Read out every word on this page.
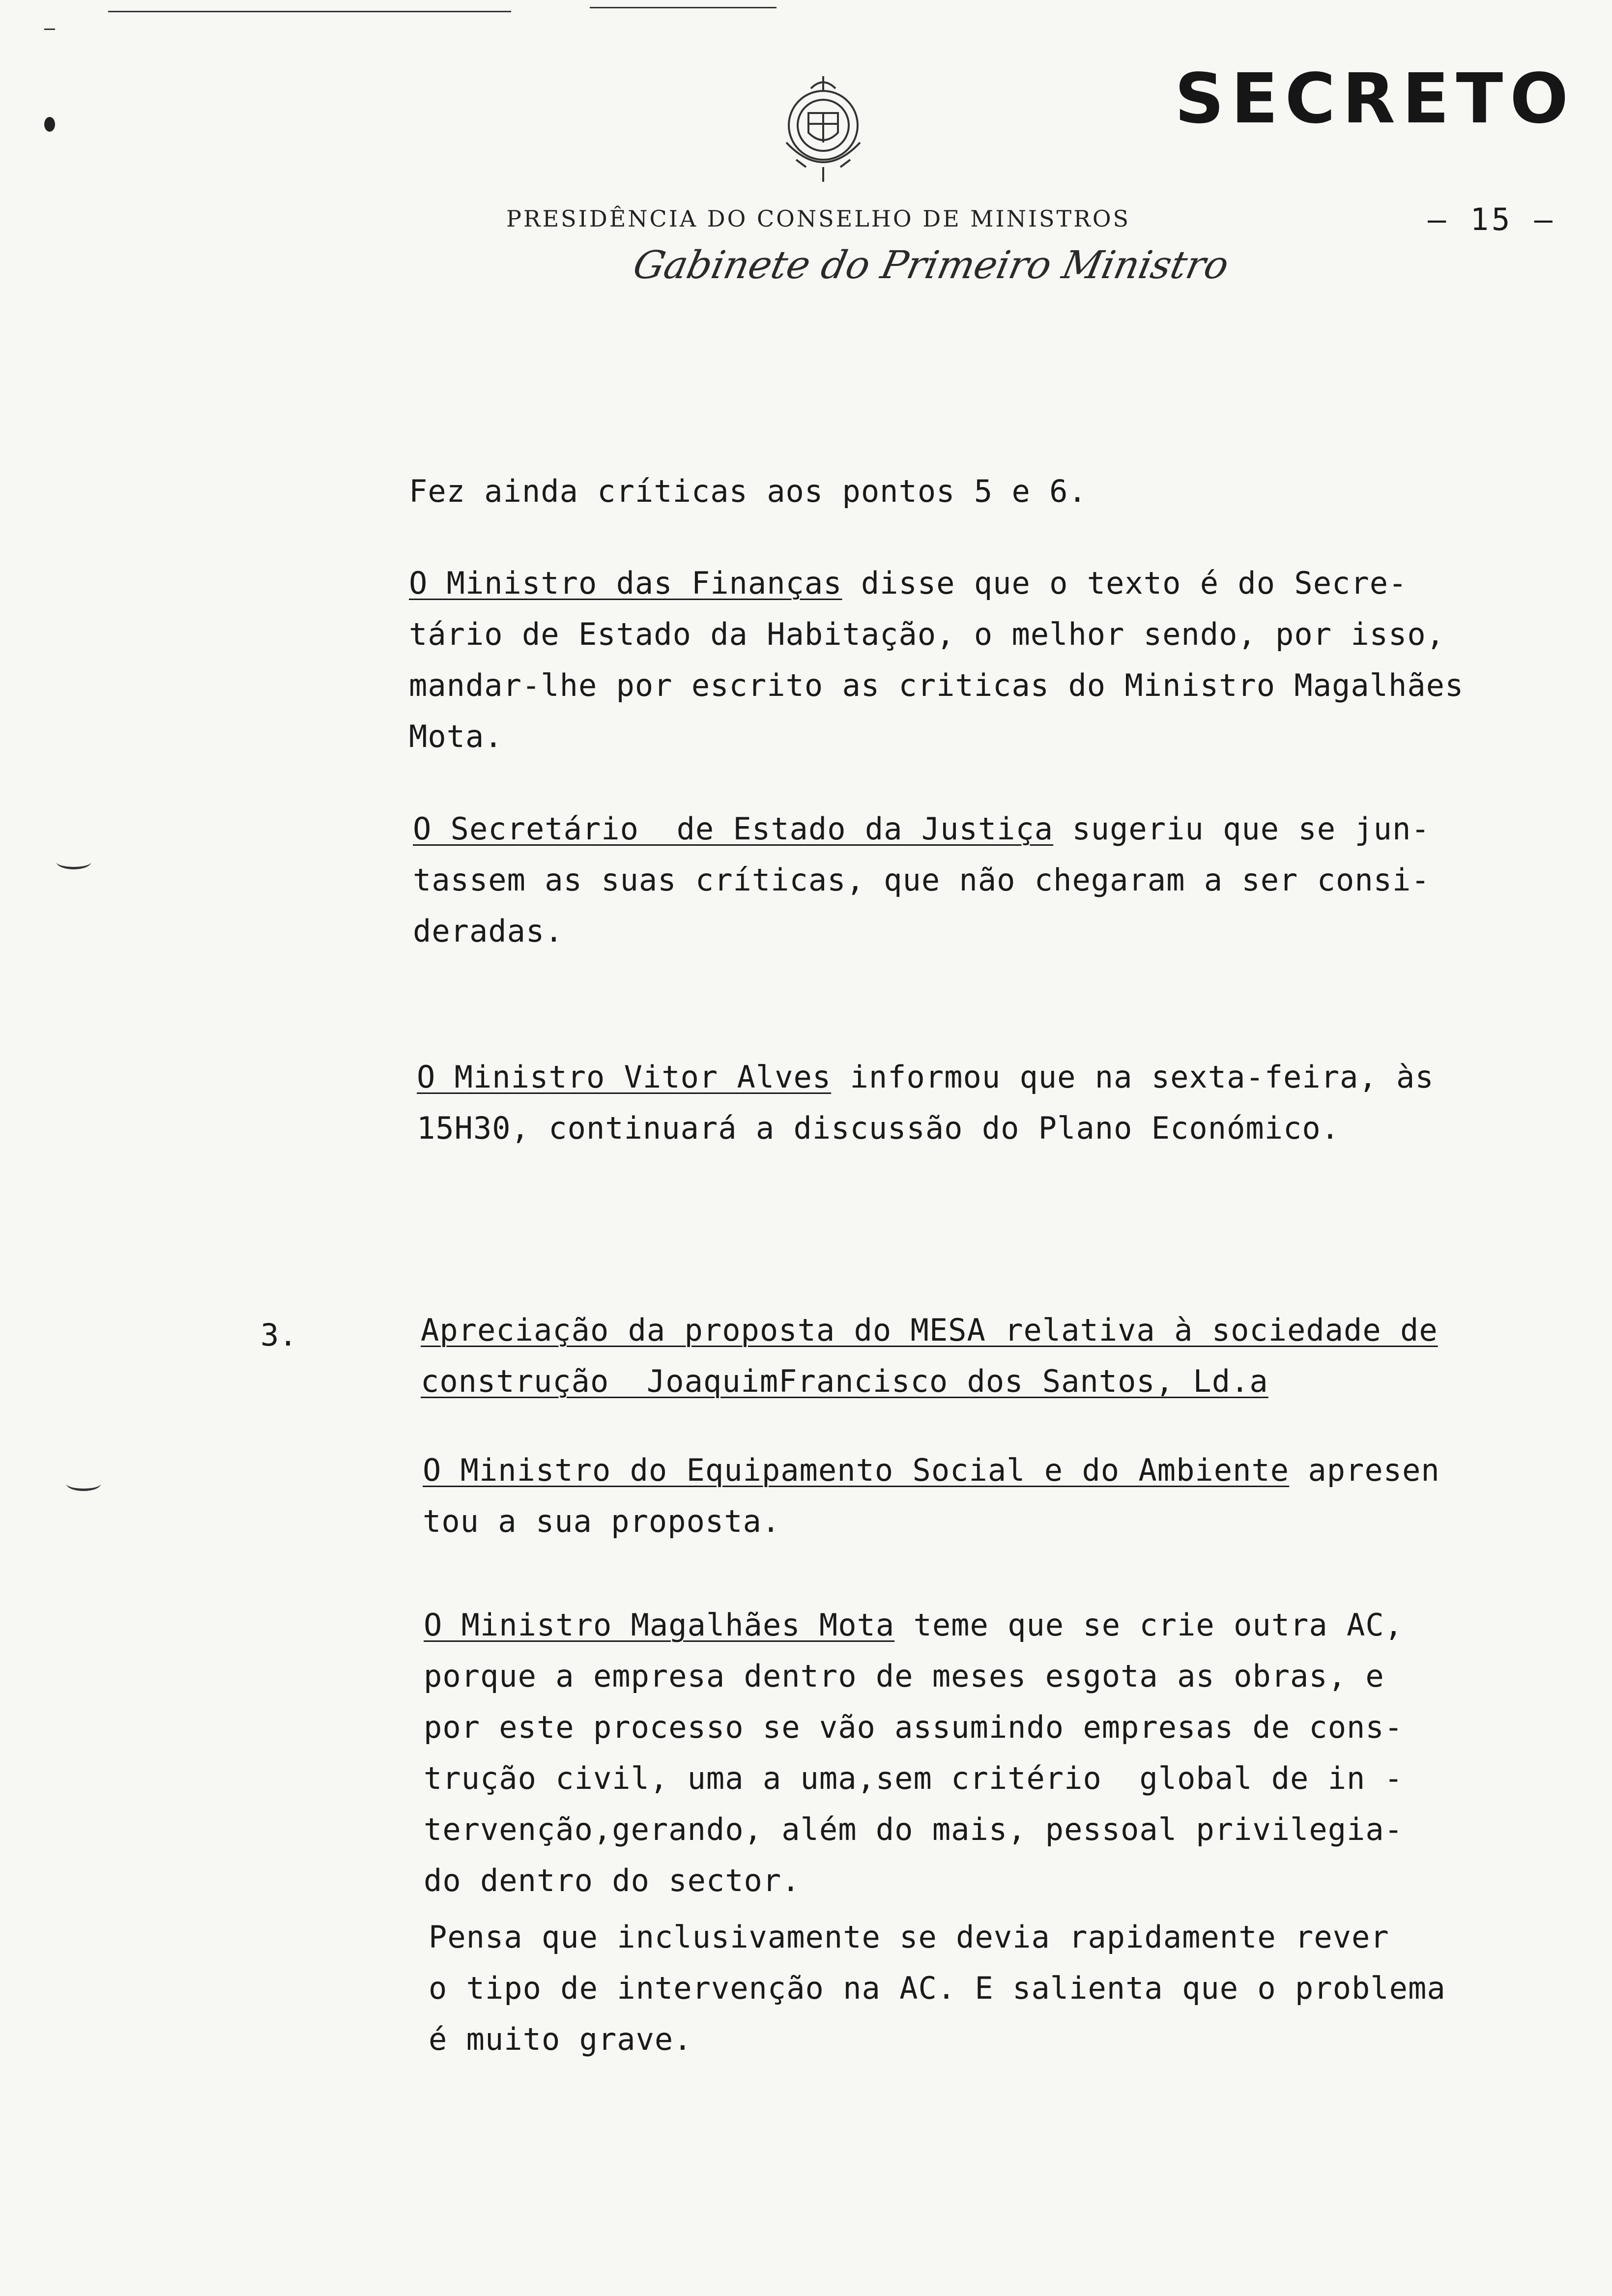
SECRETO
PRESIDÊNCIA DO CONSELHO DE MINISTROS	— 15 —
Gabinete do Primeiro Ministro
Fez ainda críticas aos pontos 5 e 6.
O Ministro das Finanças disse que o texto é do Secre-
tário de Estado da Habitação, o melhor sendo, por isso,
mandar-lhe por escrito as criticas do Ministro Magalhães
Mota.
O Secretário  de Estado da Justiça sugeriu que se jun-
tassem as suas críticas, que não chegaram a ser consi-
deradas.
O Ministro Vitor Alves informou que na sexta-feira, às
15H30, continuará a discussão do Plano Económico.
3.	Apreciação da proposta do MESA relativa à sociedade de
construção  JoaquimFrancisco dos Santos, Ld.a
O Ministro do Equipamento Social e do Ambiente apresen
tou a sua proposta.
O Ministro Magalhães Mota teme que se crie outra AC,
porque a empresa dentro de meses esgota as obras, e
por este processo se vão assumindo empresas de cons-
trução civil, uma a uma,sem critério  global de in -
tervenção,gerando, além do mais, pessoal privilegia-
do dentro do sector.
Pensa que inclusivamente se devia rapidamente rever
o tipo de intervenção na AC. E salienta que o problema
é muito grave.
